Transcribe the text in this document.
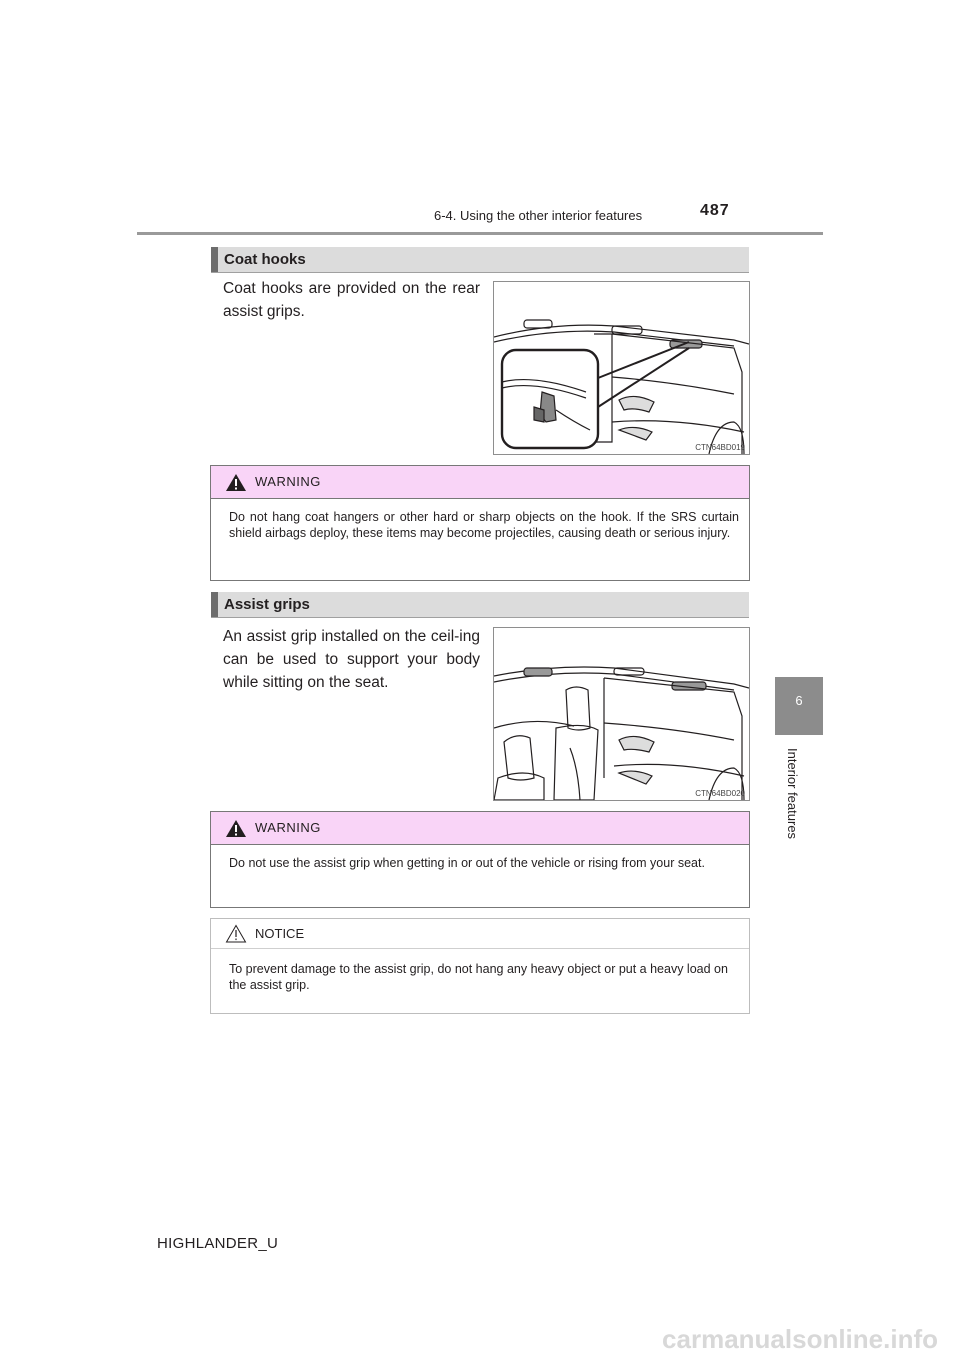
6-4. Using the other interior features	487
6
Interior features
Coat hooks
Coat hooks are provided on the rear assist grips.
CTN64BD019
WARNING
Do not hang coat hangers or other hard or sharp objects on the hook. If the SRS curtain shield airbags deploy, these items may become projectiles, causing death or serious injury.
Assist grips
An assist grip installed on the ceil-ing can be used to support your body while sitting on the seat.
CTN64BD020
WARNING
Do not use the assist grip when getting in or out of the vehicle or rising from your seat.
NOTICE
To prevent damage to the assist grip, do not hang any heavy object or put a heavy load on the assist grip.
HIGHLANDER_U
carmanualsonline.info
